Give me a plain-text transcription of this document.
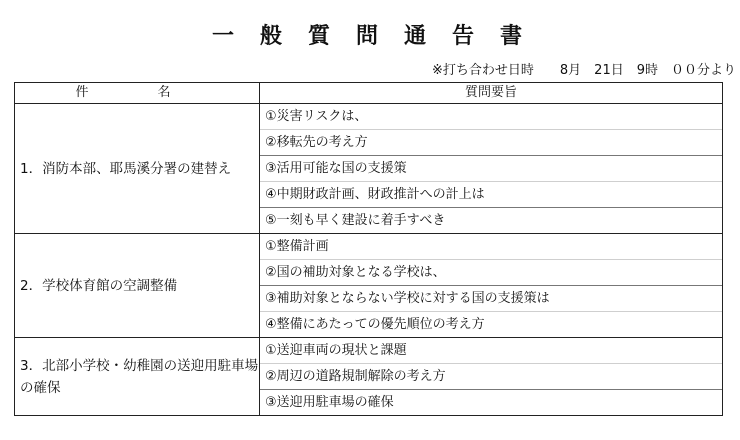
一般質問通告書
※打ち合わせ日時　　8月　21日　9時　００分より
件　名	質問要旨
1．消防本部、耶馬溪分署の建替え	①災害リスクは、
	②移転先の考え方
	③活用可能な国の支援策
	④中期財政計画、財政推計への計上は
	⑤一刻も早く建設に着手すべき
2．学校体育館の空調整備	①整備計画
	②国の補助対象となる学校は、
	③補助対象とならない学校に対する国の支援策は
	④整備にあたっての優先順位の考え方
3．北部小学校・幼稚園の送迎用駐車場の確保	①送迎車両の現状と課題
	②周辺の道路規制解除の考え方
	③送迎用駐車場の確保
